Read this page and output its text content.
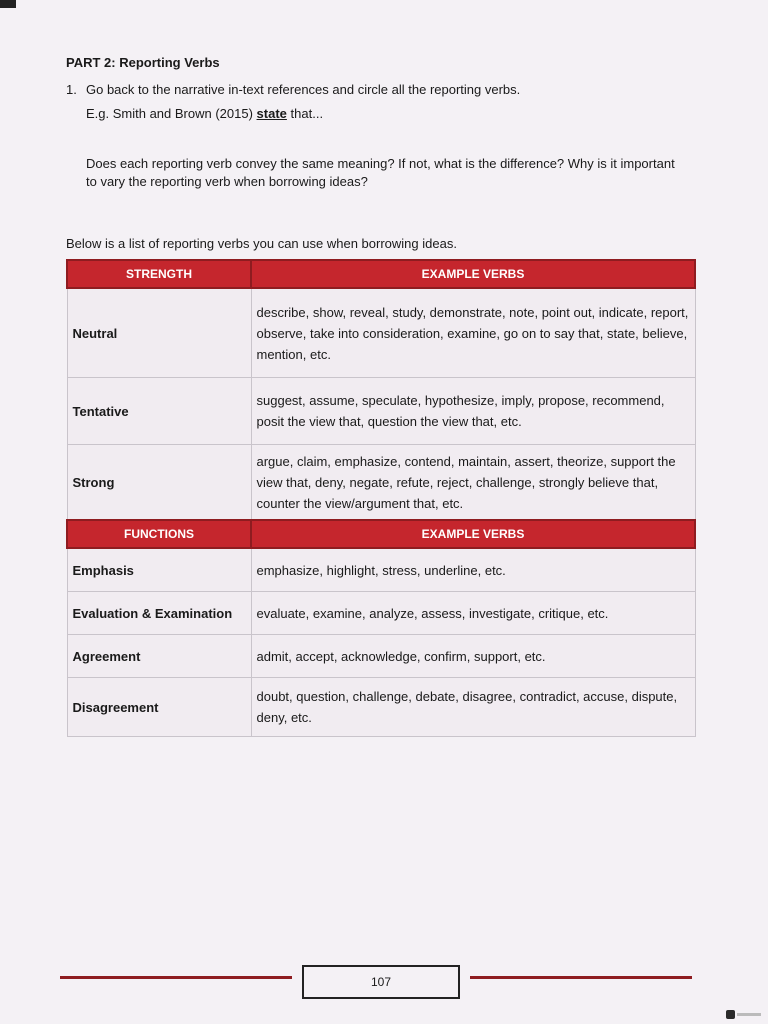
PART 2: Reporting Verbs
1. Go back to the narrative in-text references and circle all the reporting verbs.
E.g. Smith and Brown (2015) state that...
Does each reporting verb convey the same meaning? If not, what is the difference? Why is it important to vary the reporting verb when borrowing ideas?
Below is a list of reporting verbs you can use when borrowing ideas.
STRENGTH	EXAMPLE VERBS
Neutral	describe, show, reveal, study, demonstrate, note, point out, indicate, report, observe, take into consideration, examine, go on to say that, state, believe, mention, etc.
Tentative	suggest, assume, speculate, hypothesize, imply, propose, recommend, posit the view that, question the view that, etc.
Strong	argue, claim, emphasize, contend, maintain, assert, theorize, support the view that, deny, negate, refute, reject, challenge, strongly believe that, counter the view/argument that, etc.
FUNCTIONS	EXAMPLE VERBS
Emphasis	emphasize, highlight, stress, underline, etc.
Evaluation & Examination	evaluate, examine, analyze, assess, investigate, critique, etc.
Agreement	admit, accept, acknowledge, confirm, support, etc.
Disagreement	doubt, question, challenge, debate, disagree, contradict, accuse, dispute, deny, etc.
107
